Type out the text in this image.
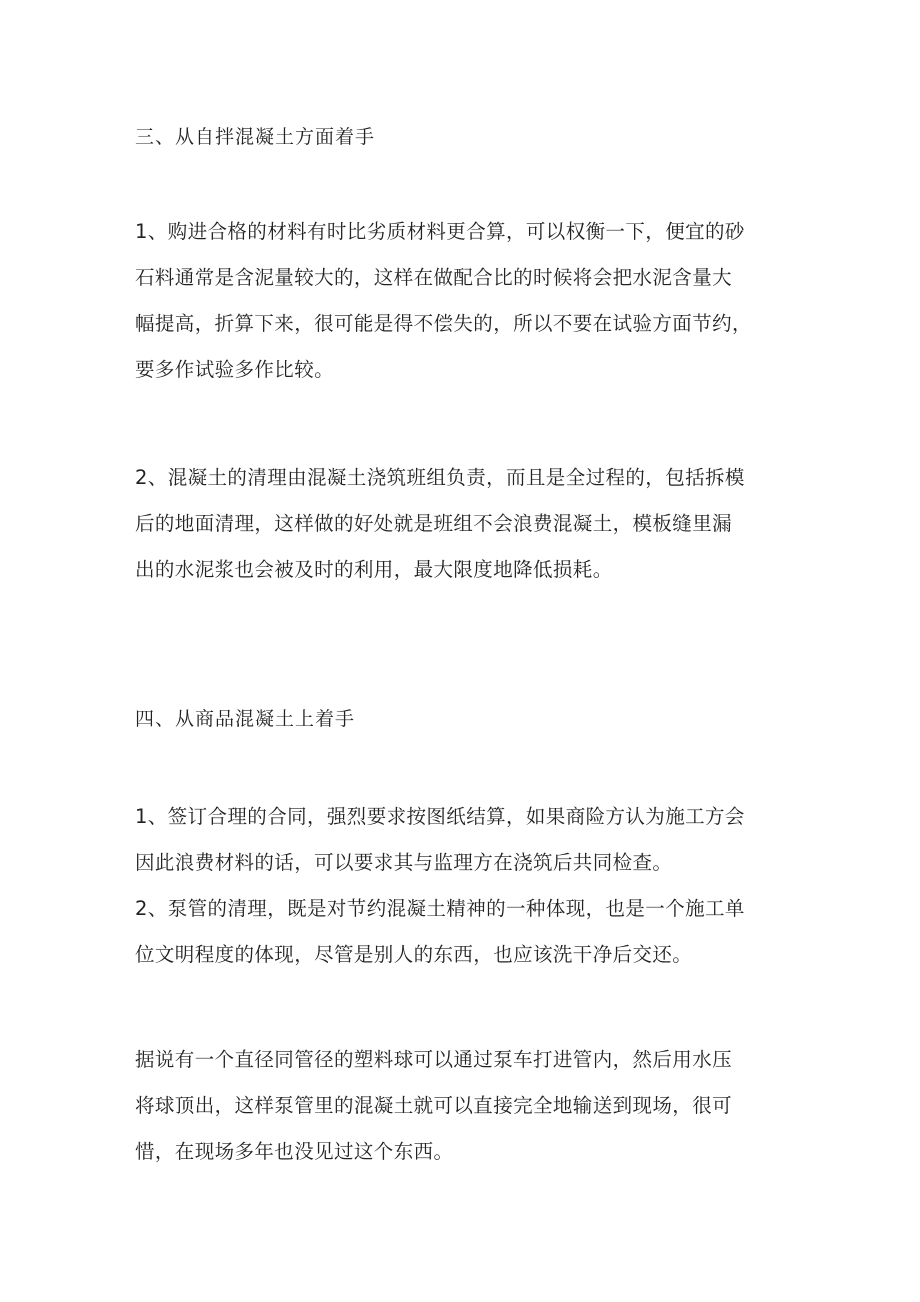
三、从自拌混凝土方面着手
1、购进合格的材料有时比劣质材料更合算，可以权衡一下，便宜的砂
石料通常是含泥量较大的，这样在做配合比的时候将会把水泥含量大
幅提高，折算下来，很可能是得不偿失的，所以不要在试验方面节约，
要多作试验多作比较。
2、混凝土的清理由混凝土浇筑班组负责，而且是全过程的，包括拆模
后的地面清理，这样做的好处就是班组不会浪费混凝土，模板缝里漏
出的水泥浆也会被及时的利用，最大限度地降低损耗。
四、从商品混凝土上着手
1、签订合理的合同，强烈要求按图纸结算，如果商险方认为施工方会
因此浪费材料的话，可以要求其与监理方在浇筑后共同检查。
2、泵管的清理，既是对节约混凝土精神的一种体现，也是一个施工单
位文明程度的体现，尽管是别人的东西，也应该洗干净后交还。
据说有一个直径同管径的塑料球可以通过泵车打进管内，然后用水压
将球顶出，这样泵管里的混凝土就可以直接完全地输送到现场，很可
惜，在现场多年也没见过这个东西。
